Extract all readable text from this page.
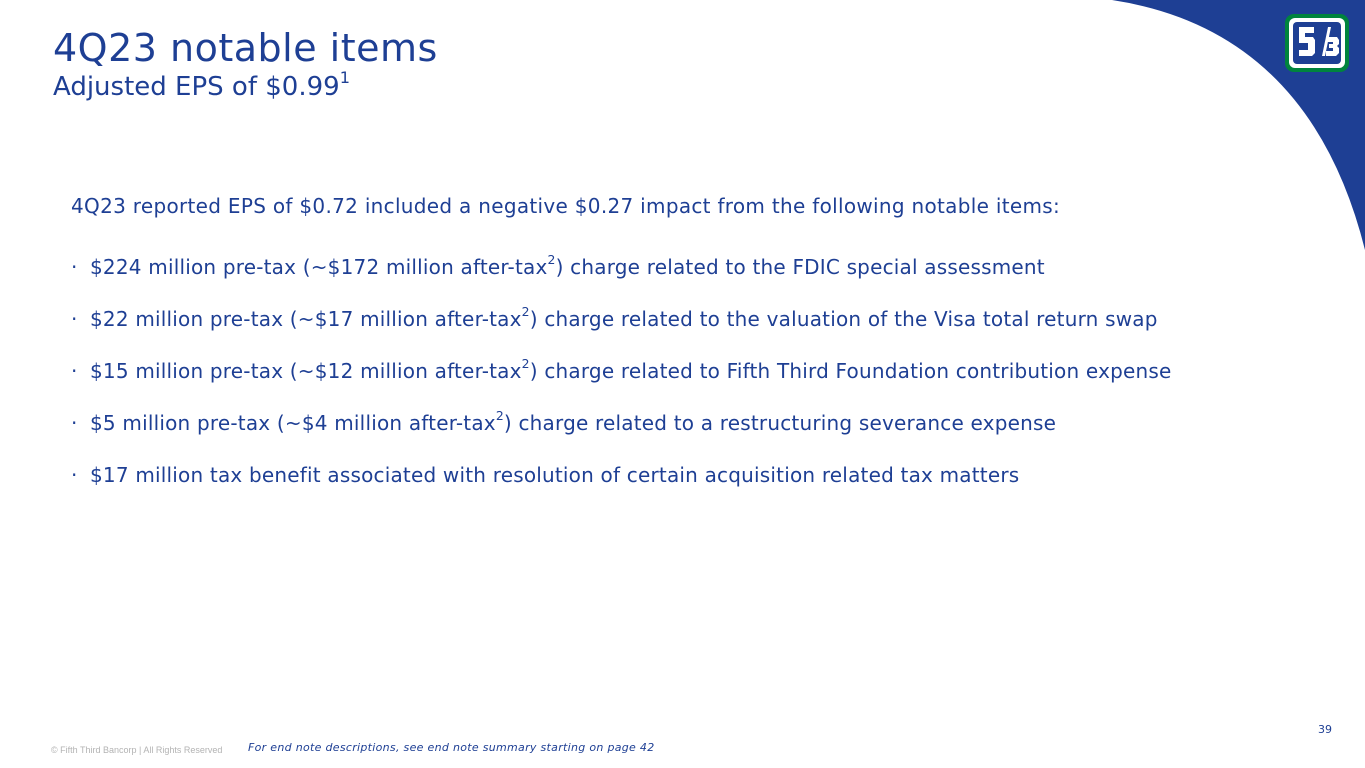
4Q23 notable items
Adjusted EPS of $0.99$^1$

4Q23 reported EPS of $0.72 included a negative $0.27 impact from the following notable items:

· $224 million pre-tax (~$172 million after-tax$^2$) charge related to the FDIC special assessment
· $22 million pre-tax (~$17 million after-tax$^2$) charge related to the valuation of the Visa total return swap
· $15 million pre-tax (~$12 million after-tax$^2$) charge related to Fifth Third Foundation contribution expense
· $5 million pre-tax (~$4 million after-tax$^2$) charge related to a restructuring severance expense
· $17 million tax benefit associated with resolution of certain acquisition related tax matters
© Fifth Third Bancorp | All Rights Reserved For end note descriptions, see end note summary starting on page 42
39
